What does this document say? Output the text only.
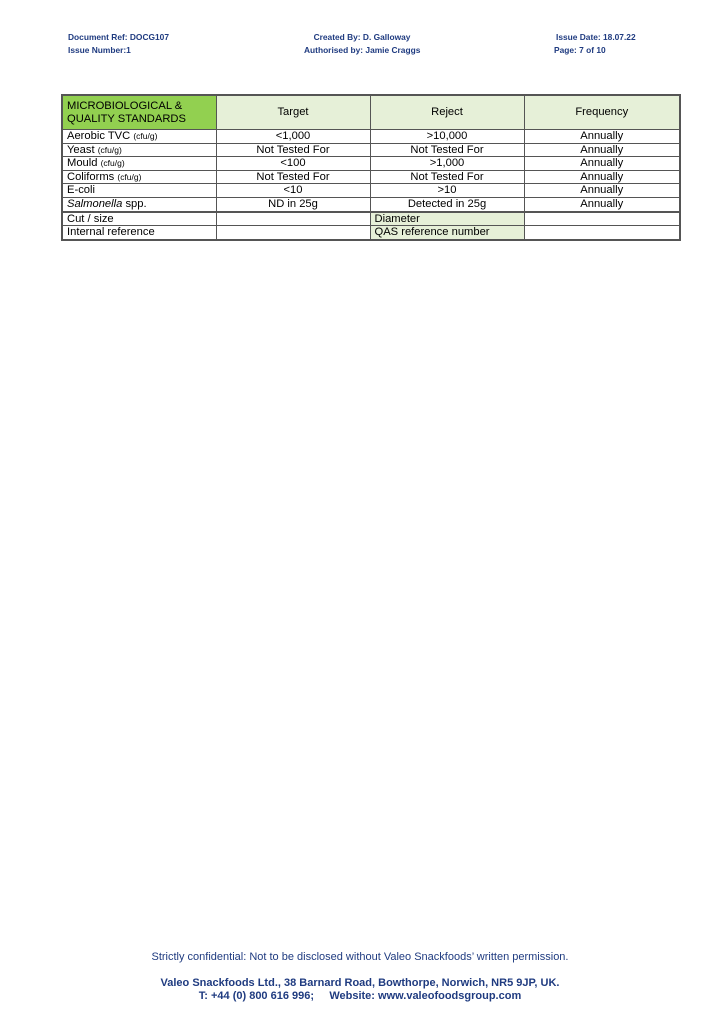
Document Ref: DOCG107
Issue Number:1
Created By: D. Galloway
Authorised by: Jamie Craggs
Issue Date: 18.07.22
Page: 7 of 10
MICROBIOLOGICAL &
QUALITY STANDARDS	Target	Reject	Frequency
Aerobic TVC (cfu/g)	<1,000	>10,000	Annually
Yeast (cfu/g)	Not Tested For	Not Tested For	Annually
Mould (cfu/g)	<100	>1,000	Annually
Coliforms (cfu/g)	Not Tested For	Not Tested For	Annually
E-coli	<10	>10	Annually
Salmonella spp.	ND in 25g	Detected in 25g	Annually
Cut / size		Diameter	
Internal reference		QAS reference number	
Strictly confidential: Not to be disclosed without Valeo Snackfoods’ written permission.
Valeo Snackfoods Ltd., 38 Barnard Road, Bowthorpe, Norwich, NR5 9JP, UK.
T: +44 (0) 800 616 996;     Website: www.valeofoodsgroup.com
